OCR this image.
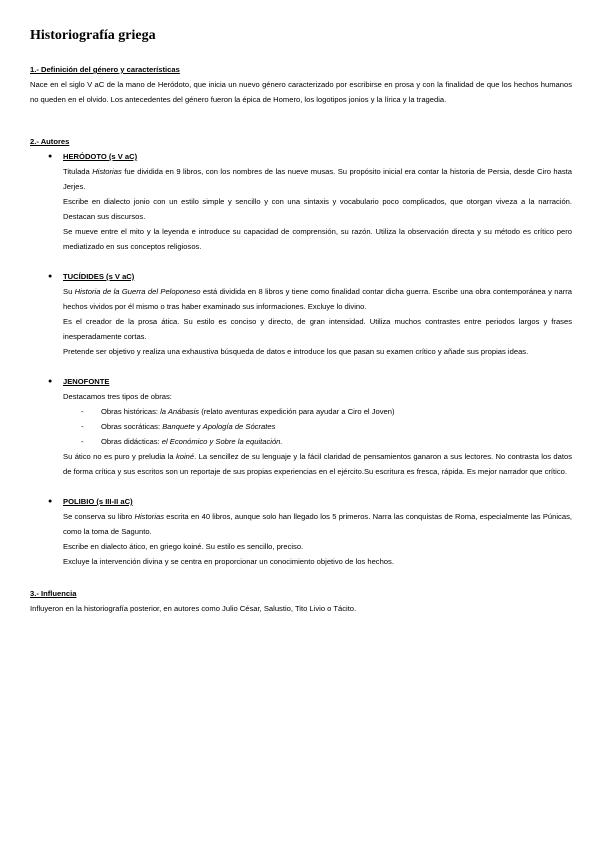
Historiografía griega
1.- Definición del género y características

Nace en el siglo V aC de la mano de Heródoto, que inicia un nuevo género caracterizado por escribirse en prosa y con la finalidad de que los hechos humanos no queden en el olvido. Los antecedentes del género fueron la épica de Homero, los logotipos jonios y la lírica y la tragedia.

2.- Autores
● HERÓDOTO (s V aC)

Titulada Historias fue dividida en 9 libros, con los nombres de las nueve musas. Su propósito inicial era contar la historia de Persia, desde Ciro hasta Jerjes.

Escribe en dialecto jonio con un estilo simple y sencillo y con una sintaxis y vocabulario poco complicados, que otorgan viveza a la narración. Destacan sus discursos.

Se mueve entre el mito y la leyenda e introduce su capacidad de comprensión, su razón. Utiliza la observación directa y su método es crítico pero mediatizado en sus conceptos religiosos.

● TUCÍDIDES (s V aC)

Su Historia de la Guerra del Peloponeso está dividida en 8 libros y tiene como finalidad contar dicha guerra. Escribe una obra contemporánea y narra hechos vividos por él mismo o tras haber examinado sus informaciones. Excluye lo divino.

Es el creador de la prosa ática. Su estilo es conciso y directo, de gran intensidad. Utiliza muchos contrastes entre periodos largos y frases inesperadamente cortas.

Pretende ser objetivo y realiza una exhaustiva búsqueda de datos e introduce los que pasan su examen crítico y añade sus propias ideas.

● JENOFONTE

Destacamos tres tipos de obras:

- Obras históricas: la Anábasis (relato aventuras expedición para ayudar a Ciro el Joven)
- Obras socráticas: Banquete y Apología de Sócrates
- Obras didácticas: el Económico y Sobre la equitación.

Su ático no es puro y preludia la koiné. La sencillez de su lenguaje y la fácil claridad de pensamientos ganaron a sus lectores. No contrasta los datos de forma crítica y sus escritos son un reportaje de sus propias experiencias en el ejército.Su escritura es fresca, rápida. Es mejor narrador que crítico.

● POLIBIO (s III-II aC)

Se conserva su libro Historias escrita en 40 libros, aunque solo han llegado los 5 primeros. Narra las conquistas de Roma, especialmente las Púnicas, como la toma de Sagunto.

Escribe en dialecto ático, en griego koiné. Su estilo es sencillo, preciso.

Excluye la intervención divina y se centra en proporcionar un conocimiento objetivo de los hechos.

3.- Influencia

Influyeron en la historiografía posterior, en autores como Julio César, Salustio, Tito Livio o Tácito.
